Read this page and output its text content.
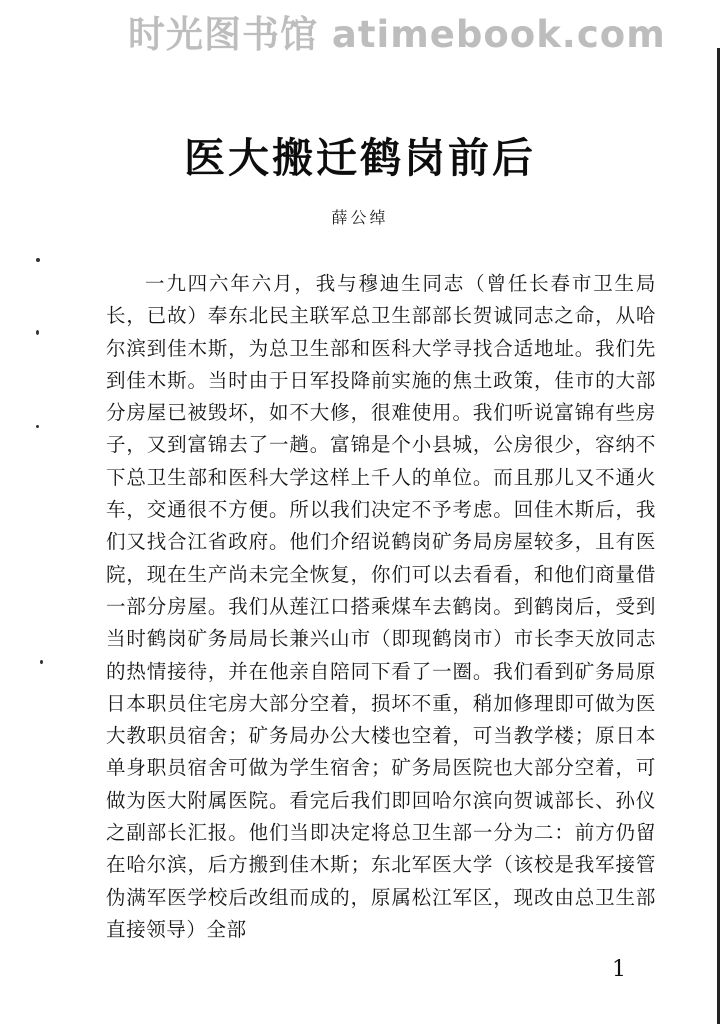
时光图书馆 atimebook.com
医大搬迁鹤岗前后
薛公绰

一九四六年六月，我与穆迪生同志（曾任长春市卫生局长，已故）奉东北民主联军总卫生部部长贺诚同志之命，从哈尔滨到佳木斯，为总卫生部和医科大学寻找合适地址。我们先到佳木斯。当时由于日军投降前实施的焦土政策，佳市的大部分房屋已被毁坏，如不大修，很难使用。我们听说富锦有些房子，又到富锦去了一趟。富锦是个小县城，公房很少，容纳不下总卫生部和医科大学这样上千人的单位。而且那儿又不通火车，交通很不方便。所以我们决定不予考虑。回佳木斯后，我们又找合江省政府。他们介绍说鹤岗矿务局房屋较多，且有医院，现在生产尚未完全恢复，你们可以去看看，和他们商量借一部分房屋。我们从莲江口搭乘煤车去鹤岗。到鹤岗后，受到当时鹤岗矿务局局长兼兴山市（即现鹤岗市）市长李天放同志的热情接待，并在他亲自陪同下看了一圈。我们看到矿务局原日本职员住宅房大部分空着，损坏不重，稍加修理即可做为医大教职员宿舍；矿务局办公大楼也空着，可当教学楼；原日本单身职员宿舍可做为学生宿舍；矿务局医院也大部分空着，可做为医大附属医院。看完后我们即回哈尔滨向贺诚部长、孙仪之副部长汇报。他们当即决定将总卫生部一分为二：前方仍留在哈尔滨，后方搬到佳木斯；东北军医大学（该校是我军接管伪满军医学校后改组而成的，原属松江军区，现改由总卫生部直接领导）全部

1
